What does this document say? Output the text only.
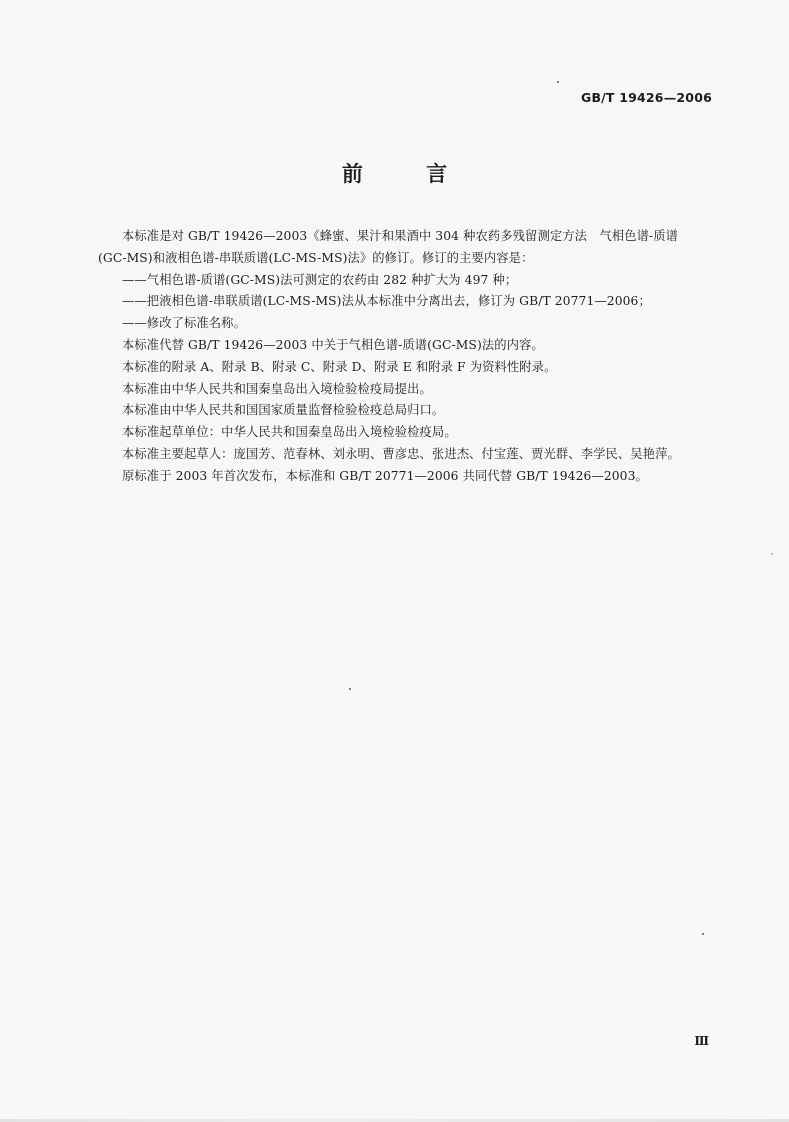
GB/T 19426—2006
前 言

本标准是对 GB/T 19426—2003《蜂蜜、果汁和果酒中 304 种农药多残留测定方法　气相色谱-质谱

(GC-MS)和液相色谱-串联质谱(LC-MS-MS)法》的修订。修订的主要内容是：

——气相色谱-质谱(GC-MS)法可测定的农药由 282 种扩大为 497 种；

——把液相色谱-串联质谱(LC-MS-MS)法从本标准中分离出去，修订为 GB/T 20771—2006；

——修改了标准名称。

本标准代替 GB/T 19426—2003 中关于气相色谱-质谱(GC-MS)法的内容。

本标准的附录 A、附录 B、附录 C、附录 D、附录 E 和附录 F 为资料性附录。

本标准由中华人民共和国秦皇岛出入境检验检疫局提出。

本标准由中华人民共和国国家质量监督检验检疫总局归口。

本标准起草单位：中华人民共和国秦皇岛出入境检验检疫局。

本标准主要起草人：庞国芳、范春林、刘永明、曹彦忠、张进杰、付宝莲、贾光群、李学民、吴艳萍。

原标准于 2003 年首次发布，本标准和 GB/T 20771—2006 共同代替 GB/T 19426—2003。

Ⅲ
